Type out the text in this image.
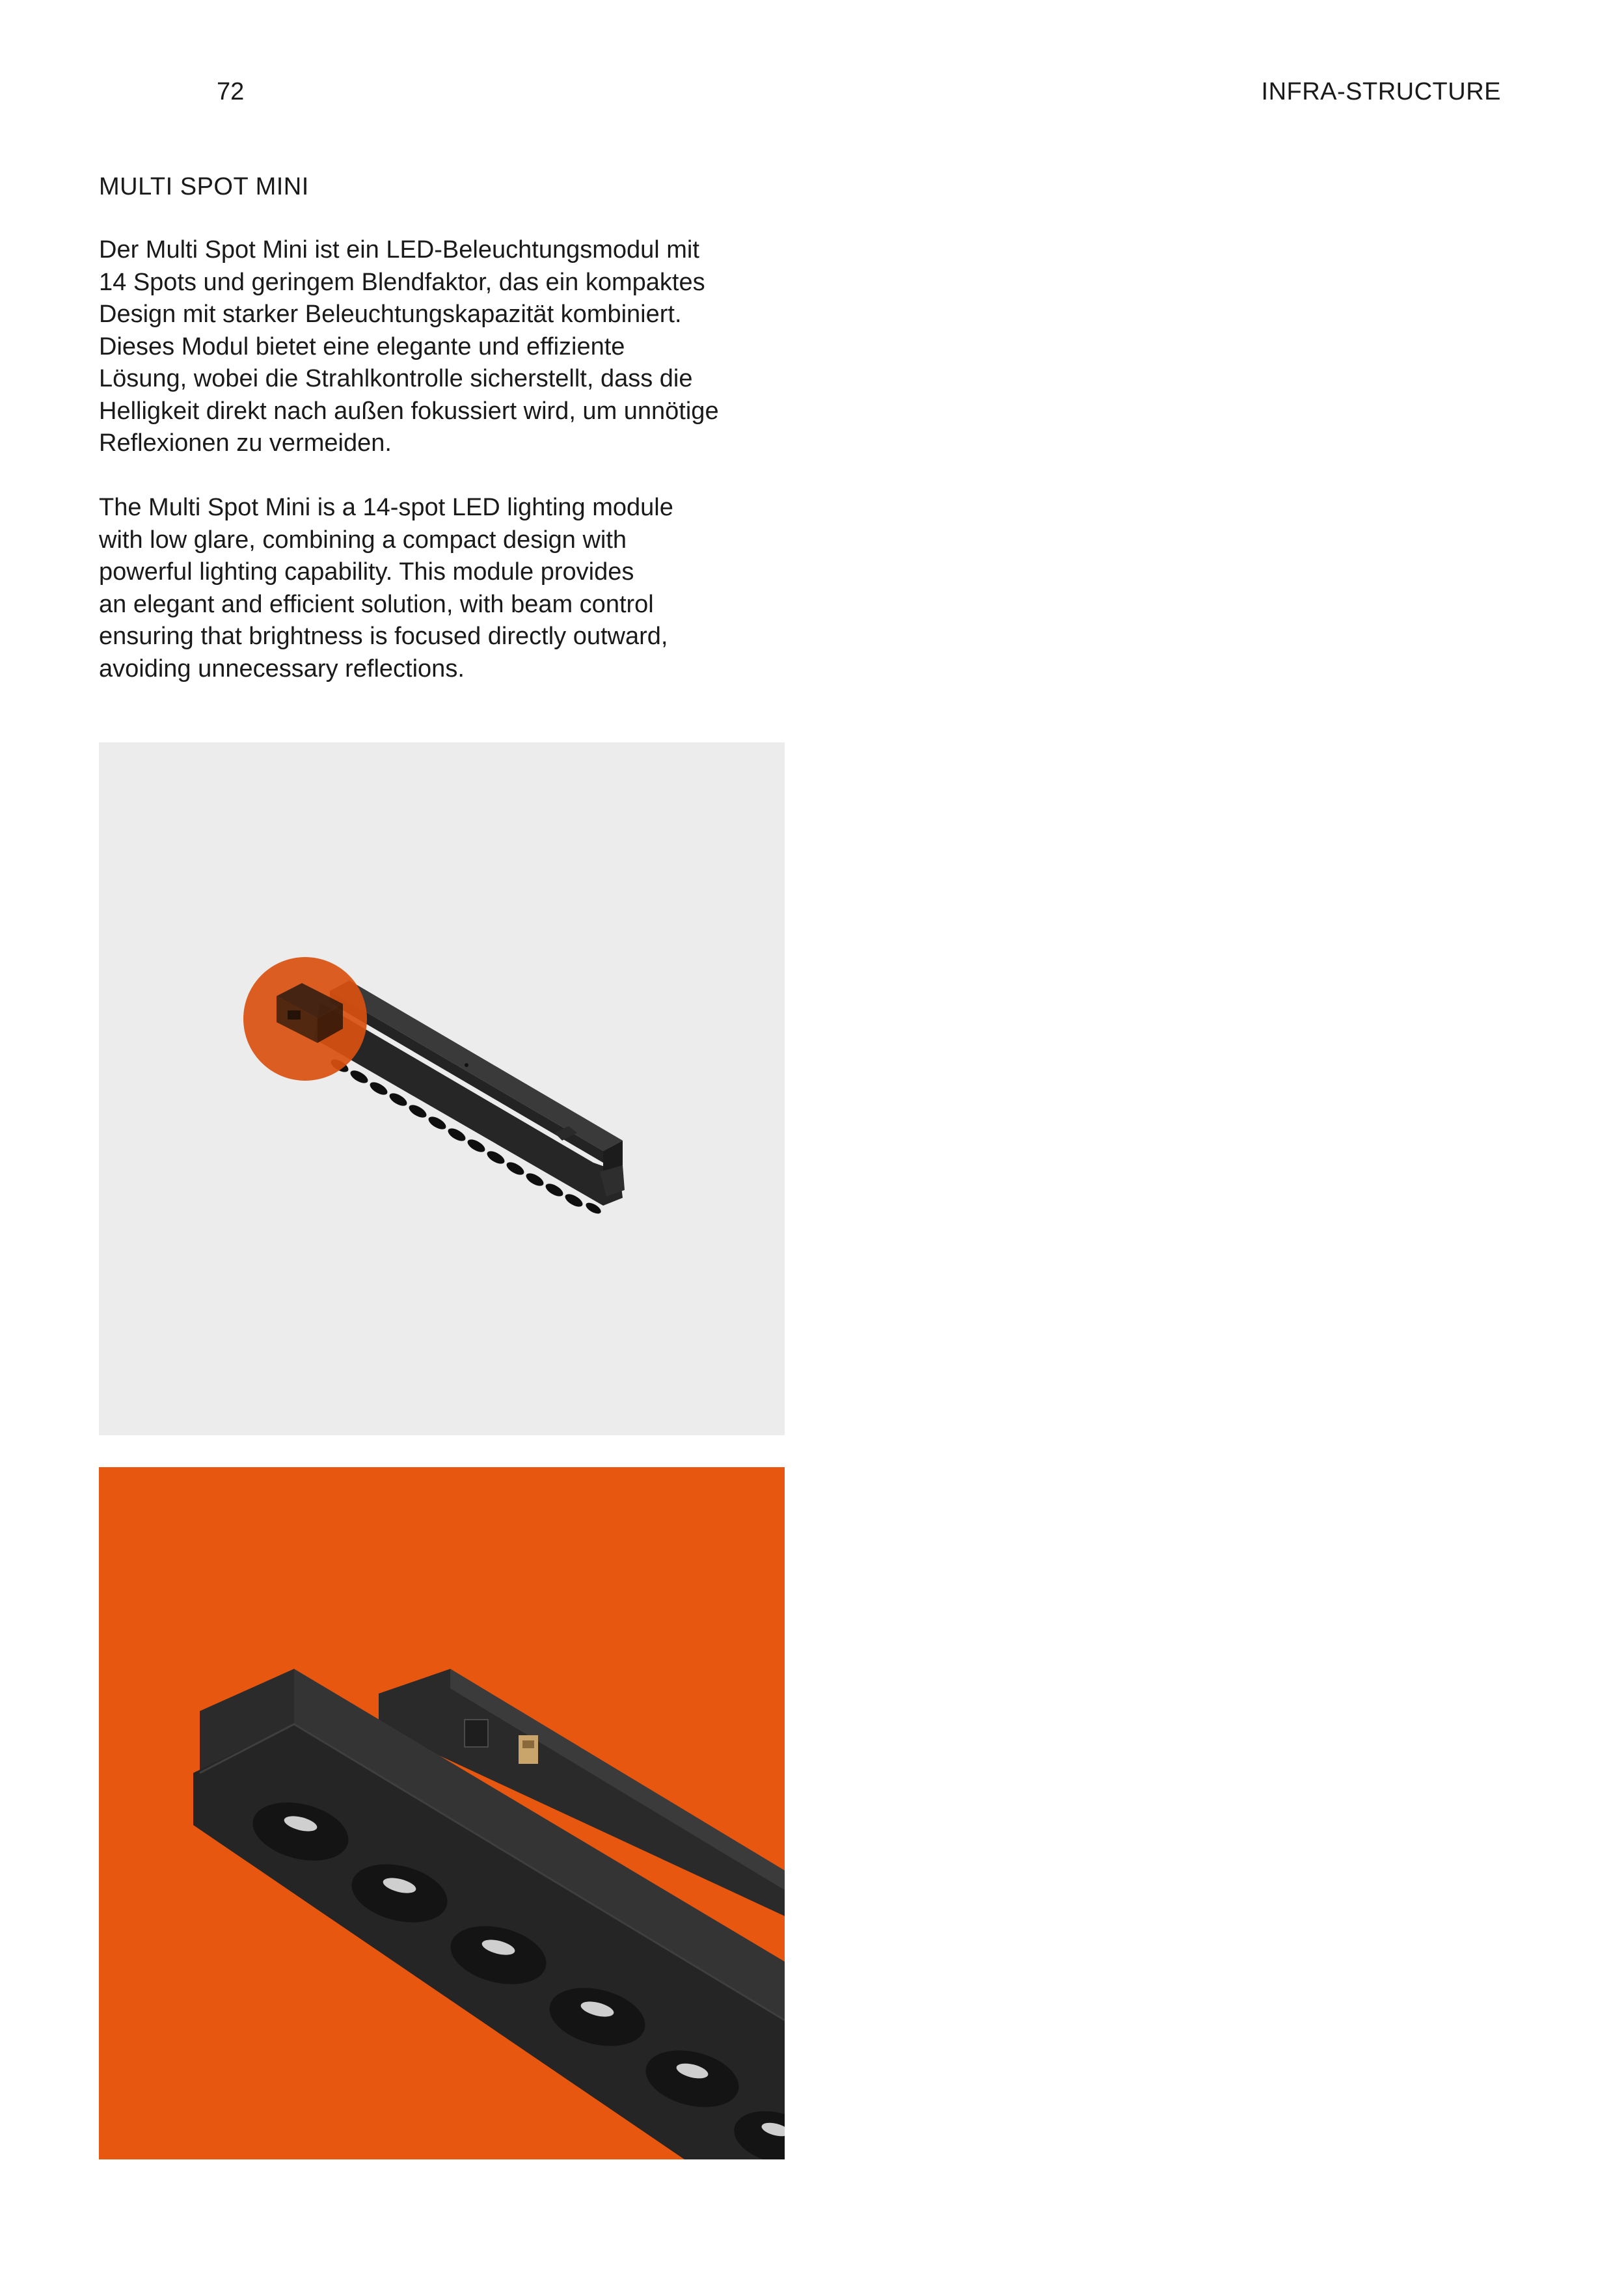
72	INFRA-STRUCTURE
MULTI SPOT MINI
Der Multi Spot Mini ist ein LED-Beleuchtungsmodul mit
14 Spots und geringem Blendfaktor, das ein kompaktes
Design mit starker Beleuchtungskapazität kombiniert.
Dieses Modul bietet eine elegante und effiziente
Lösung, wobei die Strahlkontrolle sicherstellt, dass die
Helligkeit direkt nach außen fokussiert wird, um unnötige
Reflexionen zu vermeiden.
The Multi Spot Mini is a 14-spot LED lighting module
with low glare, combining a compact design with
powerful lighting capability. This module provides
an elegant and efficient solution, with beam control
ensuring that brightness is focused directly outward,
avoiding unnecessary reflections.
